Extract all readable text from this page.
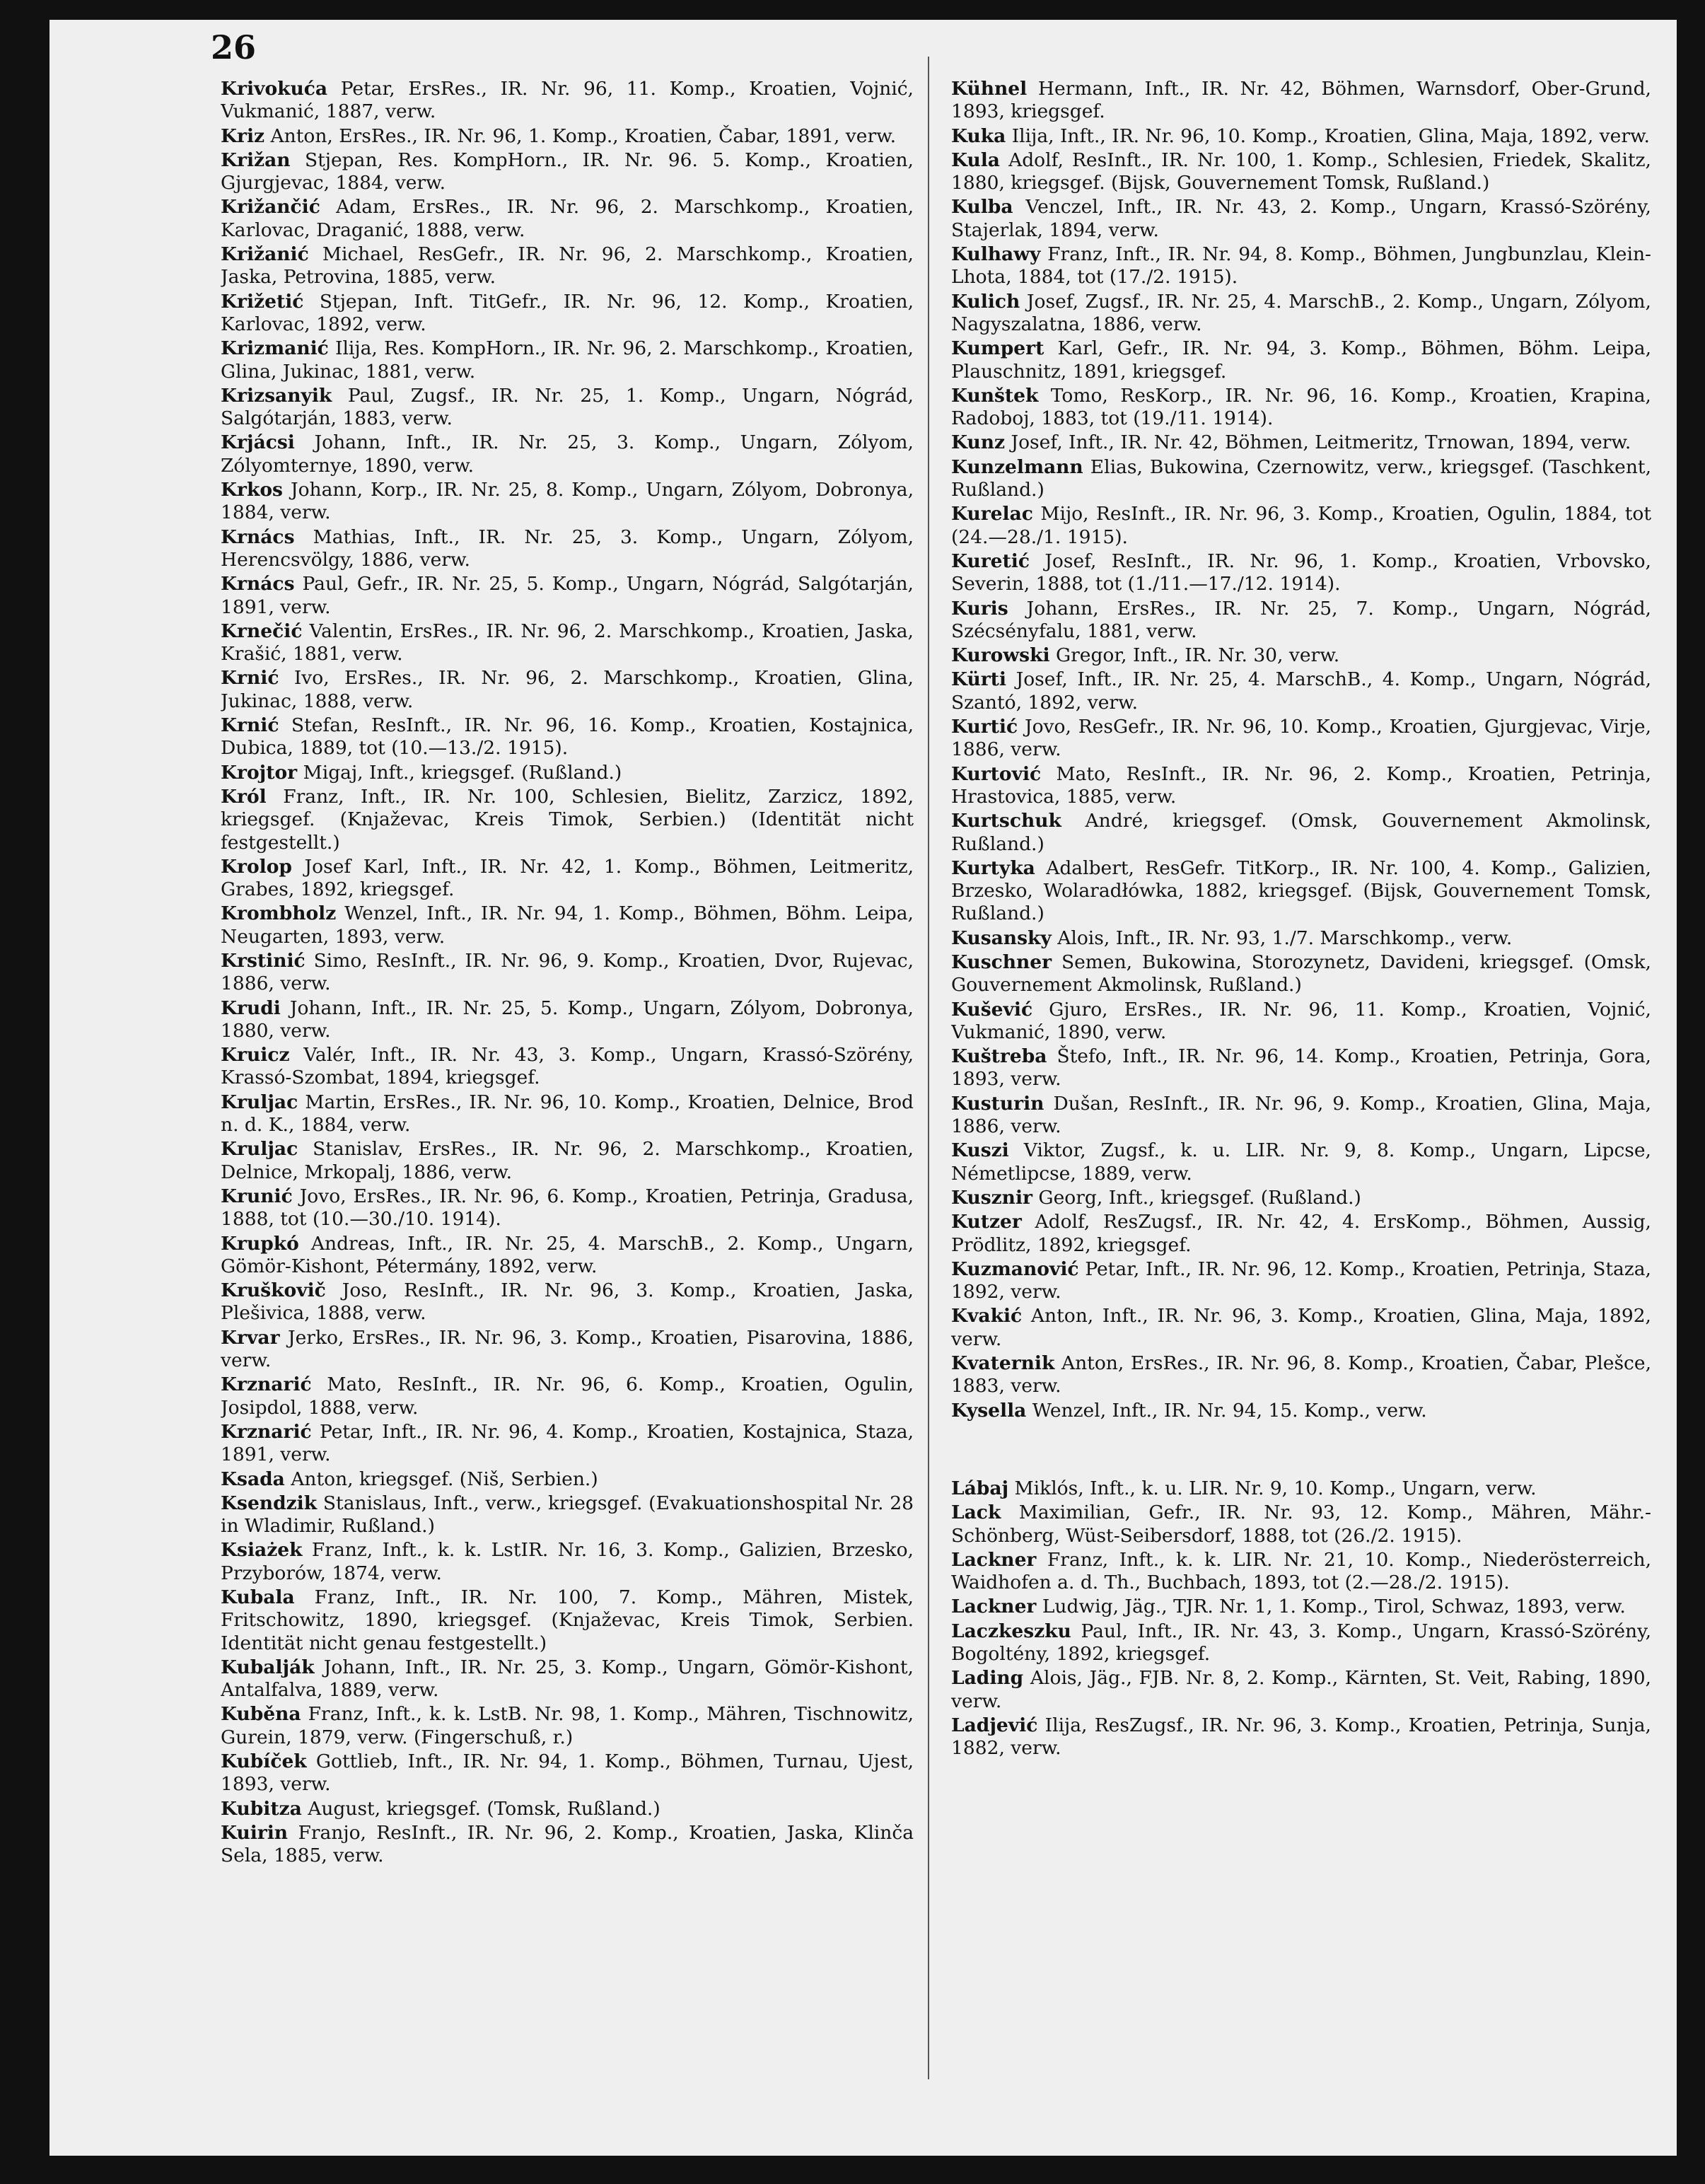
26
Krivokuća Petar, ErsRes., IR. Nr. 96, 11. Komp., Kroatien, Vojnić, Vukmanić, 1887, verw.
Kriz Anton, ErsRes., IR. Nr. 96, 1. Komp., Kroatien, Čabar, 1891, verw.
Križan Stjepan, Res. KompHorn., IR. Nr. 96. 5. Komp., Kroatien, Gjurgjevac, 1884, verw.
Križančić Adam, ErsRes., IR. Nr. 96, 2. Marschkomp., Kroatien, Karlovac, Draganić, 1888, verw.
Križanić Michael, ResGefr., IR. Nr. 96, 2. Marschkomp., Kroatien, Jaska, Petrovina, 1885, verw.
Križetić Stjepan, Inft. TitGefr., IR. Nr. 96, 12. Komp., Kroatien, Karlovac, 1892, verw.
Krizmanić Ilija, Res. KompHorn., IR. Nr. 96, 2. Marschkomp., Kroatien, Glina, Jukinac, 1881, verw.
Krizsanyik Paul, Zugsf., IR. Nr. 25, 1. Komp., Ungarn, Nógrád, Salgótarján, 1883, verw.
Krjácsi Johann, Inft., IR. Nr. 25, 3. Komp., Ungarn, Zólyom, Zólyomternye, 1890, verw.
Krkos Johann, Korp., IR. Nr. 25, 8. Komp., Ungarn, Zólyom, Dobronya, 1884, verw.
Krnács Mathias, Inft., IR. Nr. 25, 3. Komp., Ungarn, Zólyom, Herencsvölgy, 1886, verw.
Krnács Paul, Gefr., IR. Nr. 25, 5. Komp., Ungarn, Nógrád, Salgótarján, 1891, verw.
Krnečić Valentin, ErsRes., IR. Nr. 96, 2. Marschkomp., Kroatien, Jaska, Krašić, 1881, verw.
Krnić Ivo, ErsRes., IR. Nr. 96, 2. Marschkomp., Kroatien, Glina, Jukinac, 1888, verw.
Krnić Stefan, ResInft., IR. Nr. 96, 16. Komp., Kroatien, Kostajnica, Dubica, 1889, tot (10.—13./2. 1915).
Krojtor Migaj, Inft., kriegsgef. (Rußland.)
Król Franz, Inft., IR. Nr. 100, Schlesien, Bielitz, Zarzicz, 1892, kriegsgef. (Knjaževac, Kreis Timok, Serbien.) (Identität nicht festgestellt.)
Krolop Josef Karl, Inft., IR. Nr. 42, 1. Komp., Böhmen, Leitmeritz, Grabes, 1892, kriegsgef.
Krombholz Wenzel, Inft., IR. Nr. 94, 1. Komp., Böhmen, Böhm. Leipa, Neugarten, 1893, verw.
Krstinić Simo, ResInft., IR. Nr. 96, 9. Komp., Kroatien, Dvor, Rujevac, 1886, verw.
Krudi Johann, Inft., IR. Nr. 25, 5. Komp., Ungarn, Zólyom, Dobronya, 1880, verw.
Kruicz Valér, Inft., IR. Nr. 43, 3. Komp., Ungarn, Krassó-Szörény, Krassó-Szombat, 1894, kriegsgef.
Kruljac Martin, ErsRes., IR. Nr. 96, 10. Komp., Kroatien, Delnice, Brod n. d. K., 1884, verw.
Kruljac Stanislav, ErsRes., IR. Nr. 96, 2. Marschkomp., Kroatien, Delnice, Mrkopalj, 1886, verw.
Krunić Jovo, ErsRes., IR. Nr. 96, 6. Komp., Kroatien, Petrinja, Gradusa, 1888, tot (10.—30./10. 1914).
Krupkó Andreas, Inft., IR. Nr. 25, 4. MarschB., 2. Komp., Ungarn, Gömör-Kishont, Pétermány, 1892, verw.
Kruškovič Joso, ResInft., IR. Nr. 96, 3. Komp., Kroatien, Jaska, Plešivica, 1888, verw.
Krvar Jerko, ErsRes., IR. Nr. 96, 3. Komp., Kroatien, Pisarovina, 1886, verw.
Krznarić Mato, ResInft., IR. Nr. 96, 6. Komp., Kroatien, Ogulin, Josipdol, 1888, verw.
Krznarić Petar, Inft., IR. Nr. 96, 4. Komp., Kroatien, Kostajnica, Staza, 1891, verw.
Ksada Anton, kriegsgef. (Niš, Serbien.)
Ksendzik Stanislaus, Inft., verw., kriegsgef. (Evakuationshospital Nr. 28 in Wladimir, Rußland.)
Ksiażek Franz, Inft., k. k. LstIR. Nr. 16, 3. Komp., Galizien, Brzesko, Przyborów, 1874, verw.
Kubala Franz, Inft., IR. Nr. 100, 7. Komp., Mähren, Mistek, Fritschowitz, 1890, kriegsgef. (Knjaževac, Kreis Timok, Serbien. Identität nicht genau festgestellt.)
Kubalják Johann, Inft., IR. Nr. 25, 3. Komp., Ungarn, Gömör-Kishont, Antalfalva, 1889, verw.
Kuběna Franz, Inft., k. k. LstB. Nr. 98, 1. Komp., Mähren, Tischnowitz, Gurein, 1879, verw. (Fingerschuß, r.)
Kubíček Gottlieb, Inft., IR. Nr. 94, 1. Komp., Böhmen, Turnau, Ujest, 1893, verw.
Kubitza August, kriegsgef. (Tomsk, Rußland.)
Kuirin Franjo, ResInft., IR. Nr. 96, 2. Komp., Kroatien, Jaska, Klinča Sela, 1885, verw.
Kühnel Hermann, Inft., IR. Nr. 42, Böhmen, Warnsdorf, Ober-Grund, 1893, kriegsgef.
Kuka Ilija, Inft., IR. Nr. 96, 10. Komp., Kroatien, Glina, Maja, 1892, verw.
Kula Adolf, ResInft., IR. Nr. 100, 1. Komp., Schlesien, Friedek, Skalitz, 1880, kriegsgef. (Bijsk, Gouvernement Tomsk, Rußland.)
Kulba Venczel, Inft., IR. Nr. 43, 2. Komp., Ungarn, Krassó-Szörény, Stajerlak, 1894, verw.
Kulhawy Franz, Inft., IR. Nr. 94, 8. Komp., Böhmen, Jungbunzlau, Klein-Lhota, 1884, tot (17./2. 1915).
Kulich Josef, Zugsf., IR. Nr. 25, 4. MarschB., 2. Komp., Ungarn, Zólyom, Nagyszalatna, 1886, verw.
Kumpert Karl, Gefr., IR. Nr. 94, 3. Komp., Böhmen, Böhm. Leipa, Plauschnitz, 1891, kriegsgef.
Kunštek Tomo, ResKorp., IR. Nr. 96, 16. Komp., Kroatien, Krapina, Radoboj, 1883, tot (19./11. 1914).
Kunz Josef, Inft., IR. Nr. 42, Böhmen, Leitmeritz, Trnowan, 1894, verw.
Kunzelmann Elias, Bukowina, Czernowitz, verw., kriegsgef. (Taschkent, Rußland.)
Kurelac Mijo, ResInft., IR. Nr. 96, 3. Komp., Kroatien, Ogulin, 1884, tot (24.—28./1. 1915).
Kuretić Josef, ResInft., IR. Nr. 96, 1. Komp., Kroatien, Vrbovsko, Severin, 1888, tot (1./11.—17./12. 1914).
Kuris Johann, ErsRes., IR. Nr. 25, 7. Komp., Ungarn, Nógrád, Szécsényfalu, 1881, verw.
Kurowski Gregor, Inft., IR. Nr. 30, verw.
Kürti Josef, Inft., IR. Nr. 25, 4. MarschB., 4. Komp., Ungarn, Nógrád, Szantó, 1892, verw.
Kurtić Jovo, ResGefr., IR. Nr. 96, 10. Komp., Kroatien, Gjurgjevac, Virje, 1886, verw.
Kurtović Mato, ResInft., IR. Nr. 96, 2. Komp., Kroatien, Petrinja, Hrastovica, 1885, verw.
Kurtschuk André, kriegsgef. (Omsk, Gouvernement Akmolinsk, Rußland.)
Kurtyka Adalbert, ResGefr. TitKorp., IR. Nr. 100, 4. Komp., Galizien, Brzesko, Wolaradłówka, 1882, kriegsgef. (Bijsk, Gouvernement Tomsk, Rußland.)
Kusansky Alois, Inft., IR. Nr. 93, 1./7. Marschkomp., verw.
Kuschner Semen, Bukowina, Storozynetz, Davideni, kriegsgef. (Omsk, Gouvernement Akmolinsk, Rußland.)
Kušević Gjuro, ErsRes., IR. Nr. 96, 11. Komp., Kroatien, Vojnić, Vukmanić, 1890, verw.
Kuštreba Štefo, Inft., IR. Nr. 96, 14. Komp., Kroatien, Petrinja, Gora, 1893, verw.
Kusturin Dušan, ResInft., IR. Nr. 96, 9. Komp., Kroatien, Glina, Maja, 1886, verw.
Kuszi Viktor, Zugsf., k. u. LIR. Nr. 9, 8. Komp., Ungarn, Lipcse, Németlipcse, 1889, verw.
Kusznir Georg, Inft., kriegsgef. (Rußland.)
Kutzer Adolf, ResZugsf., IR. Nr. 42, 4. ErsKomp., Böhmen, Aussig, Prödlitz, 1892, kriegsgef.
Kuzmanović Petar, Inft., IR. Nr. 96, 12. Komp., Kroatien, Petrinja, Staza, 1892, verw.
Kvakić Anton, Inft., IR. Nr. 96, 3. Komp., Kroatien, Glina, Maja, 1892, verw.
Kvaternik Anton, ErsRes., IR. Nr. 96, 8. Komp., Kroatien, Čabar, Plešce, 1883, verw.
Kysella Wenzel, Inft., IR. Nr. 94, 15. Komp., verw.
Lábaj Miklós, Inft., k. u. LIR. Nr. 9, 10. Komp., Ungarn, verw.
Lack Maximilian, Gefr., IR. Nr. 93, 12. Komp., Mähren, Mähr.-Schönberg, Wüst-Seibersdorf, 1888, tot (26./2. 1915).
Lackner Franz, Inft., k. k. LIR. Nr. 21, 10. Komp., Niederösterreich, Waidhofen a. d. Th., Buchbach, 1893, tot (2.—28./2. 1915).
Lackner Ludwig, Jäg., TJR. Nr. 1, 1. Komp., Tirol, Schwaz, 1893, verw.
Laczkeszku Paul, Inft., IR. Nr. 43, 3. Komp., Ungarn, Krassó-Szörény, Bogoltény, 1892, kriegsgef.
Lading Alois, Jäg., FJB. Nr. 8, 2. Komp., Kärnten, St. Veit, Rabing, 1890, verw.
Ladjević Ilija, ResZugsf., IR. Nr. 96, 3. Komp., Kroatien, Petrinja, Sunja, 1882, verw.
